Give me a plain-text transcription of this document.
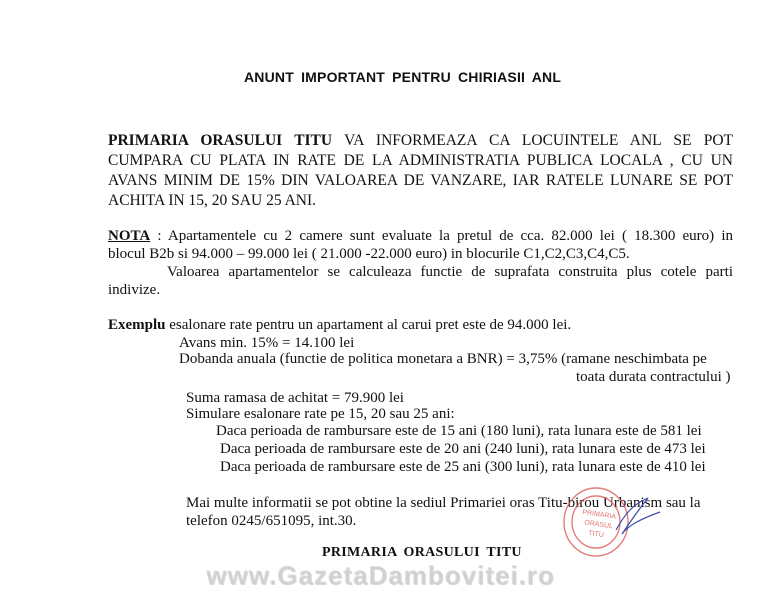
ANUNT IMPORTANT PENTRU CHIRIASII ANL
PRIMARIA ORASULUI TITU VA INFORMEAZA CA LOCUINTELE ANL SE POT
CUMPARA CU PLATA IN RATE DE LA ADMINISTRATIA PUBLICA LOCALA , CU UN
AVANS MINIM DE 15% DIN VALOAREA DE VANZARE, IAR RATELE LUNARE SE POT
ACHITA IN 15, 20 SAU 25 ANI.
NOTA : Apartamentele cu 2 camere sunt evaluate la pretul de cca. 82.000 lei ( 18.300 euro) in
blocul B2b si 94.000 – 99.000 lei ( 21.000 -22.000 euro) in blocurile C1,C2,C3,C4,C5.
Valoarea apartamentelor se calculeaza functie de suprafata construita plus cotele parti
indivize.
Exemplu esalonare rate pentru un apartament al carui pret este de 94.000 lei.
Avans min. 15% = 14.100 lei
Dobanda anuala (functie de politica monetara a BNR) = 3,75% (ramane neschimbata pe
toata durata contractului )
Suma ramasa de achitat = 79.900 lei
Simulare esalonare rate pe 15, 20 sau 25 ani:
Daca perioada de rambursare este de 15 ani (180 luni), rata lunara este de 581 lei
Daca perioada de rambursare este de 20 ani (240 luni), rata lunara este de 473 lei
Daca perioada de rambursare este de 25 ani (300 luni), rata lunara este de 410 lei
Mai multe informatii se pot obtine la sediul Primariei oras Titu-birou Urbanism sau la
telefon 0245/651095, int.30.	PRIMARIA
ORASUL
TITU
PRIMARIA ORASULUI TITU
www.GazetaDambovitei.ro
